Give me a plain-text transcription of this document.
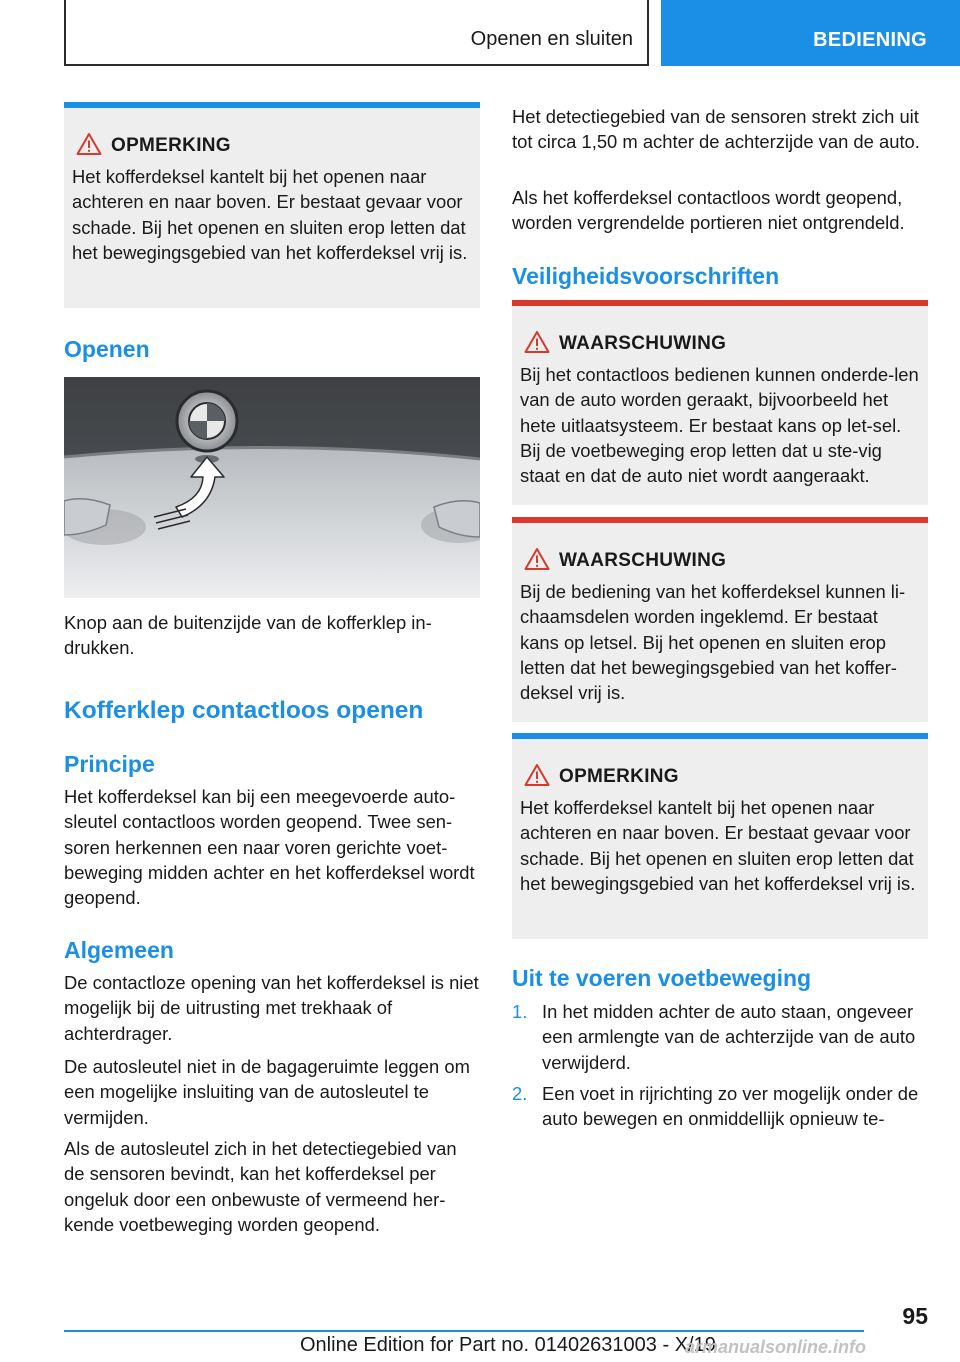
Openen en sluiten	BEDIENING
OPMERKING
Het kofferdeksel kantelt bij het openen naar achteren en naar boven. Er bestaat gevaar voor schade. Bij het openen en sluiten erop letten dat het bewegingsgebied van het kofferdeksel vrij is.
Openen
Knop aan de buitenzijde van de kofferklep in-drukken.
Kofferklep contactloos openen
Principe
Het kofferdeksel kan bij een meegevoerde auto-sleutel contactloos worden geopend. Twee sen-soren herkennen een naar voren gerichte voet-beweging midden achter en het kofferdeksel wordt geopend.
Algemeen
De contactloze opening van het kofferdeksel is niet mogelijk bij de uitrusting met trekhaak of achterdrager.
De autosleutel niet in de bagageruimte leggen om een mogelijke insluiting van de autosleutel te vermijden.
Als de autosleutel zich in het detectiegebied van de sensoren bevindt, kan het kofferdeksel per ongeluk door een onbewuste of vermeend her-kende voetbeweging worden geopend.
Het detectiegebied van de sensoren strekt zich uit tot circa 1,50 m achter de achterzijde van de auto.
Als het kofferdeksel contactloos wordt geopend, worden vergrendelde portieren niet ontgrendeld.
Veiligheidsvoorschriften
WAARSCHUWING
Bij het contactloos bedienen kunnen onderde-len van de auto worden geraakt, bijvoorbeeld het hete uitlaatsysteem. Er bestaat kans op let-sel. Bij de voetbeweging erop letten dat u ste-vig staat en dat de auto niet wordt aangeraakt.
WAARSCHUWING
Bij de bediening van het kofferdeksel kunnen li-chaamsdelen worden ingeklemd. Er bestaat kans op letsel. Bij het openen en sluiten erop letten dat het bewegingsgebied van het koffer-deksel vrij is.
OPMERKING
Het kofferdeksel kantelt bij het openen naar achteren en naar boven. Er bestaat gevaar voor schade. Bij het openen en sluiten erop letten dat het bewegingsgebied van het kofferdeksel vrij is.
Uit te voeren voetbeweging
1. In het midden achter de auto staan, ongeveer een armlengte van de achterzijde van de auto verwijderd.
2. Een voet in rijrichting zo ver mogelijk onder de auto bewegen en onmiddellijk opnieuw te-
95
Online Edition for Part no. 01402631003 - X/19
armanualsonline.info
